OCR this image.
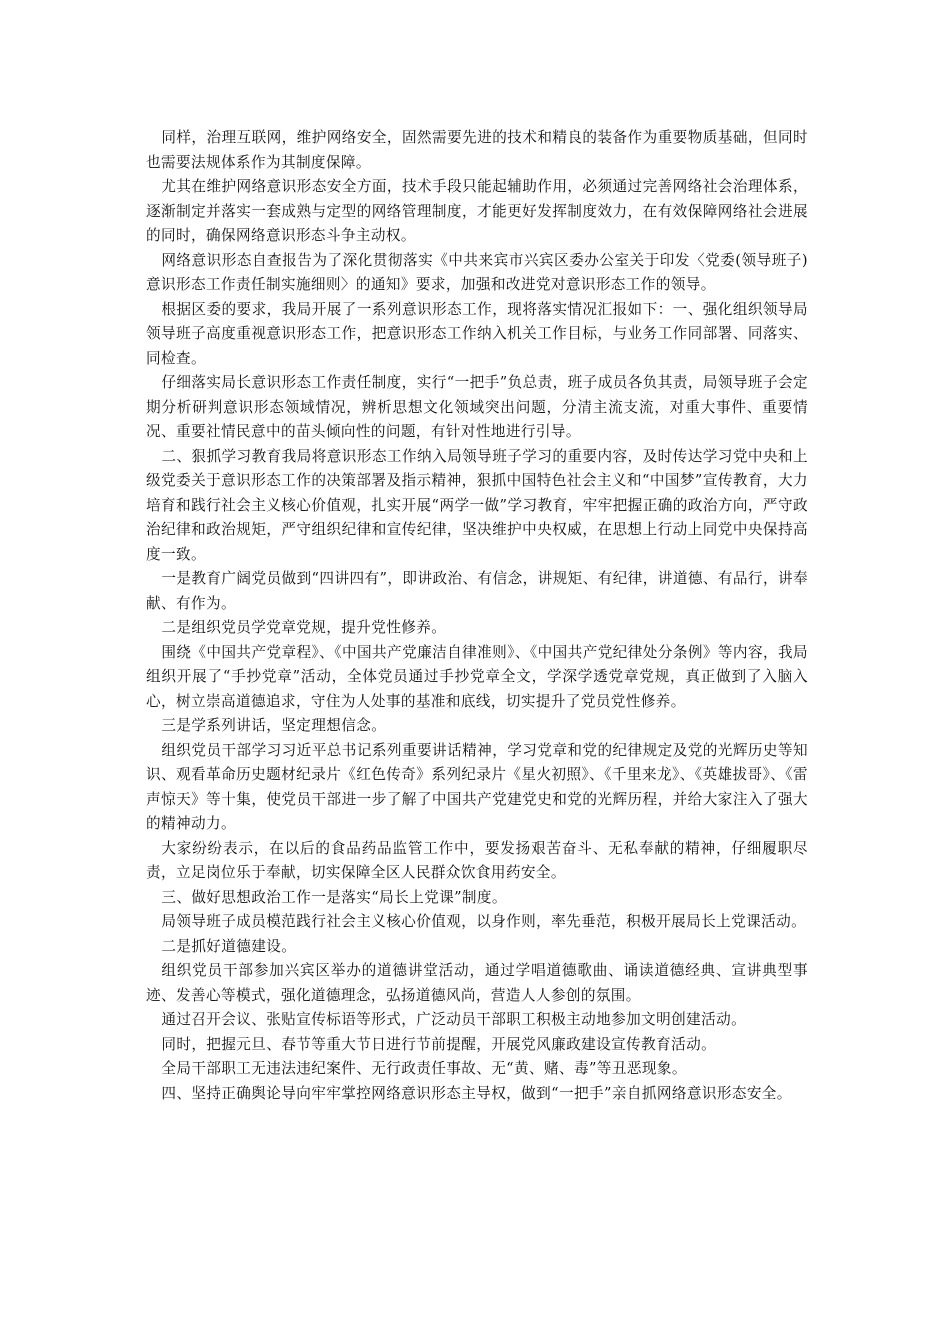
同样，治理互联网，维护网络安全，固然需要先进的技术和精良的装备作为重要物质基础，但同时也需要法规体系作为其制度保障。

尤其在维护网络意识形态安全方面，技术手段只能起辅助作用，必须通过完善网络社会治理体系，逐渐制定并落实一套成熟与定型的网络管理制度，才能更好发挥制度效力，在有效保障网络社会进展的同时，确保网络意识形态斗争主动权。

网络意识形态自查报告为了深化贯彻落实《中共来宾市兴宾区委办公室关于印发〈党委(领导班子)意识形态工作责任制实施细则〉的通知》要求，加强和改进党对意识形态工作的领导。

根据区委的要求，我局开展了一系列意识形态工作，现将落实情况汇报如下：一、强化组织领导局领导班子高度重视意识形态工作，把意识形态工作纳入机关工作目标，与业务工作同部署、同落实、同检查。

仔细落实局长意识形态工作责任制度，实行“一把手”负总责，班子成员各负其责，局领导班子会定期分析研判意识形态领域情况，辨析思想文化领域突出问题，分清主流支流，对重大事件、重要情况、重要社情民意中的苗头倾向性的问题，有针对性地进行引导。

二、狠抓学习教育我局将意识形态工作纳入局领导班子学习的重要内容，及时传达学习党中央和上级党委关于意识形态工作的决策部署及指示精神，狠抓中国特色社会主义和“中国梦”宣传教育，大力培育和践行社会主义核心价值观，扎实开展“两学一做”学习教育，牢牢把握正确的政治方向，严守政治纪律和政治规矩，严守组织纪律和宣传纪律，坚决维护中央权威，在思想上行动上同党中央保持高度一致。

一是教育广阔党员做到“四讲四有”，即讲政治、有信念，讲规矩、有纪律，讲道德、有品行，讲奉献、有作为。

二是组织党员学党章党规，提升党性修养。

围绕《中国共产党章程》、《中国共产党廉洁自律准则》、《中国共产党纪律处分条例》等内容，我局组织开展了“手抄党章”活动，全体党员通过手抄党章全文，学深学透党章党规，真正做到了入脑入心，树立崇高道德追求，守住为人处事的基准和底线，切实提升了党员党性修养。

三是学系列讲话，坚定理想信念。

组织党员干部学习习近平总书记系列重要讲话精神，学习党章和党的纪律规定及党的光辉历史等知识、观看革命历史题材纪录片《红色传奇》系列纪录片《星火初照》、《千里来龙》、《英雄拔哥》、《雷声惊天》等十集，使党员干部进一步了解了中国共产党建党史和党的光辉历程，并给大家注入了强大的精神动力。

大家纷纷表示，在以后的食品药品监管工作中，要发扬艰苦奋斗、无私奉献的精神，仔细履职尽责，立足岗位乐于奉献，切实保障全区人民群众饮食用药安全。

三、做好思想政治工作一是落实“局长上党课”制度。

局领导班子成员模范践行社会主义核心价值观，以身作则，率先垂范，积极开展局长上党课活动。

二是抓好道德建设。

组织党员干部参加兴宾区举办的道德讲堂活动，通过学唱道德歌曲、诵读道德经典、宣讲典型事迹、发善心等模式，强化道德理念，弘扬道德风尚，营造人人参创的氛围。

通过召开会议、张贴宣传标语等形式，广泛动员干部职工积极主动地参加文明创建活动。

同时，把握元旦、春节等重大节日进行节前提醒，开展党风廉政建设宣传教育活动。

全局干部职工无违法违纪案件、无行政责任事故、无“黄、赌、毒”等丑恶现象。

四、坚持正确舆论导向牢牢掌控网络意识形态主导权，做到“一把手”亲自抓网络意识形态安全。
